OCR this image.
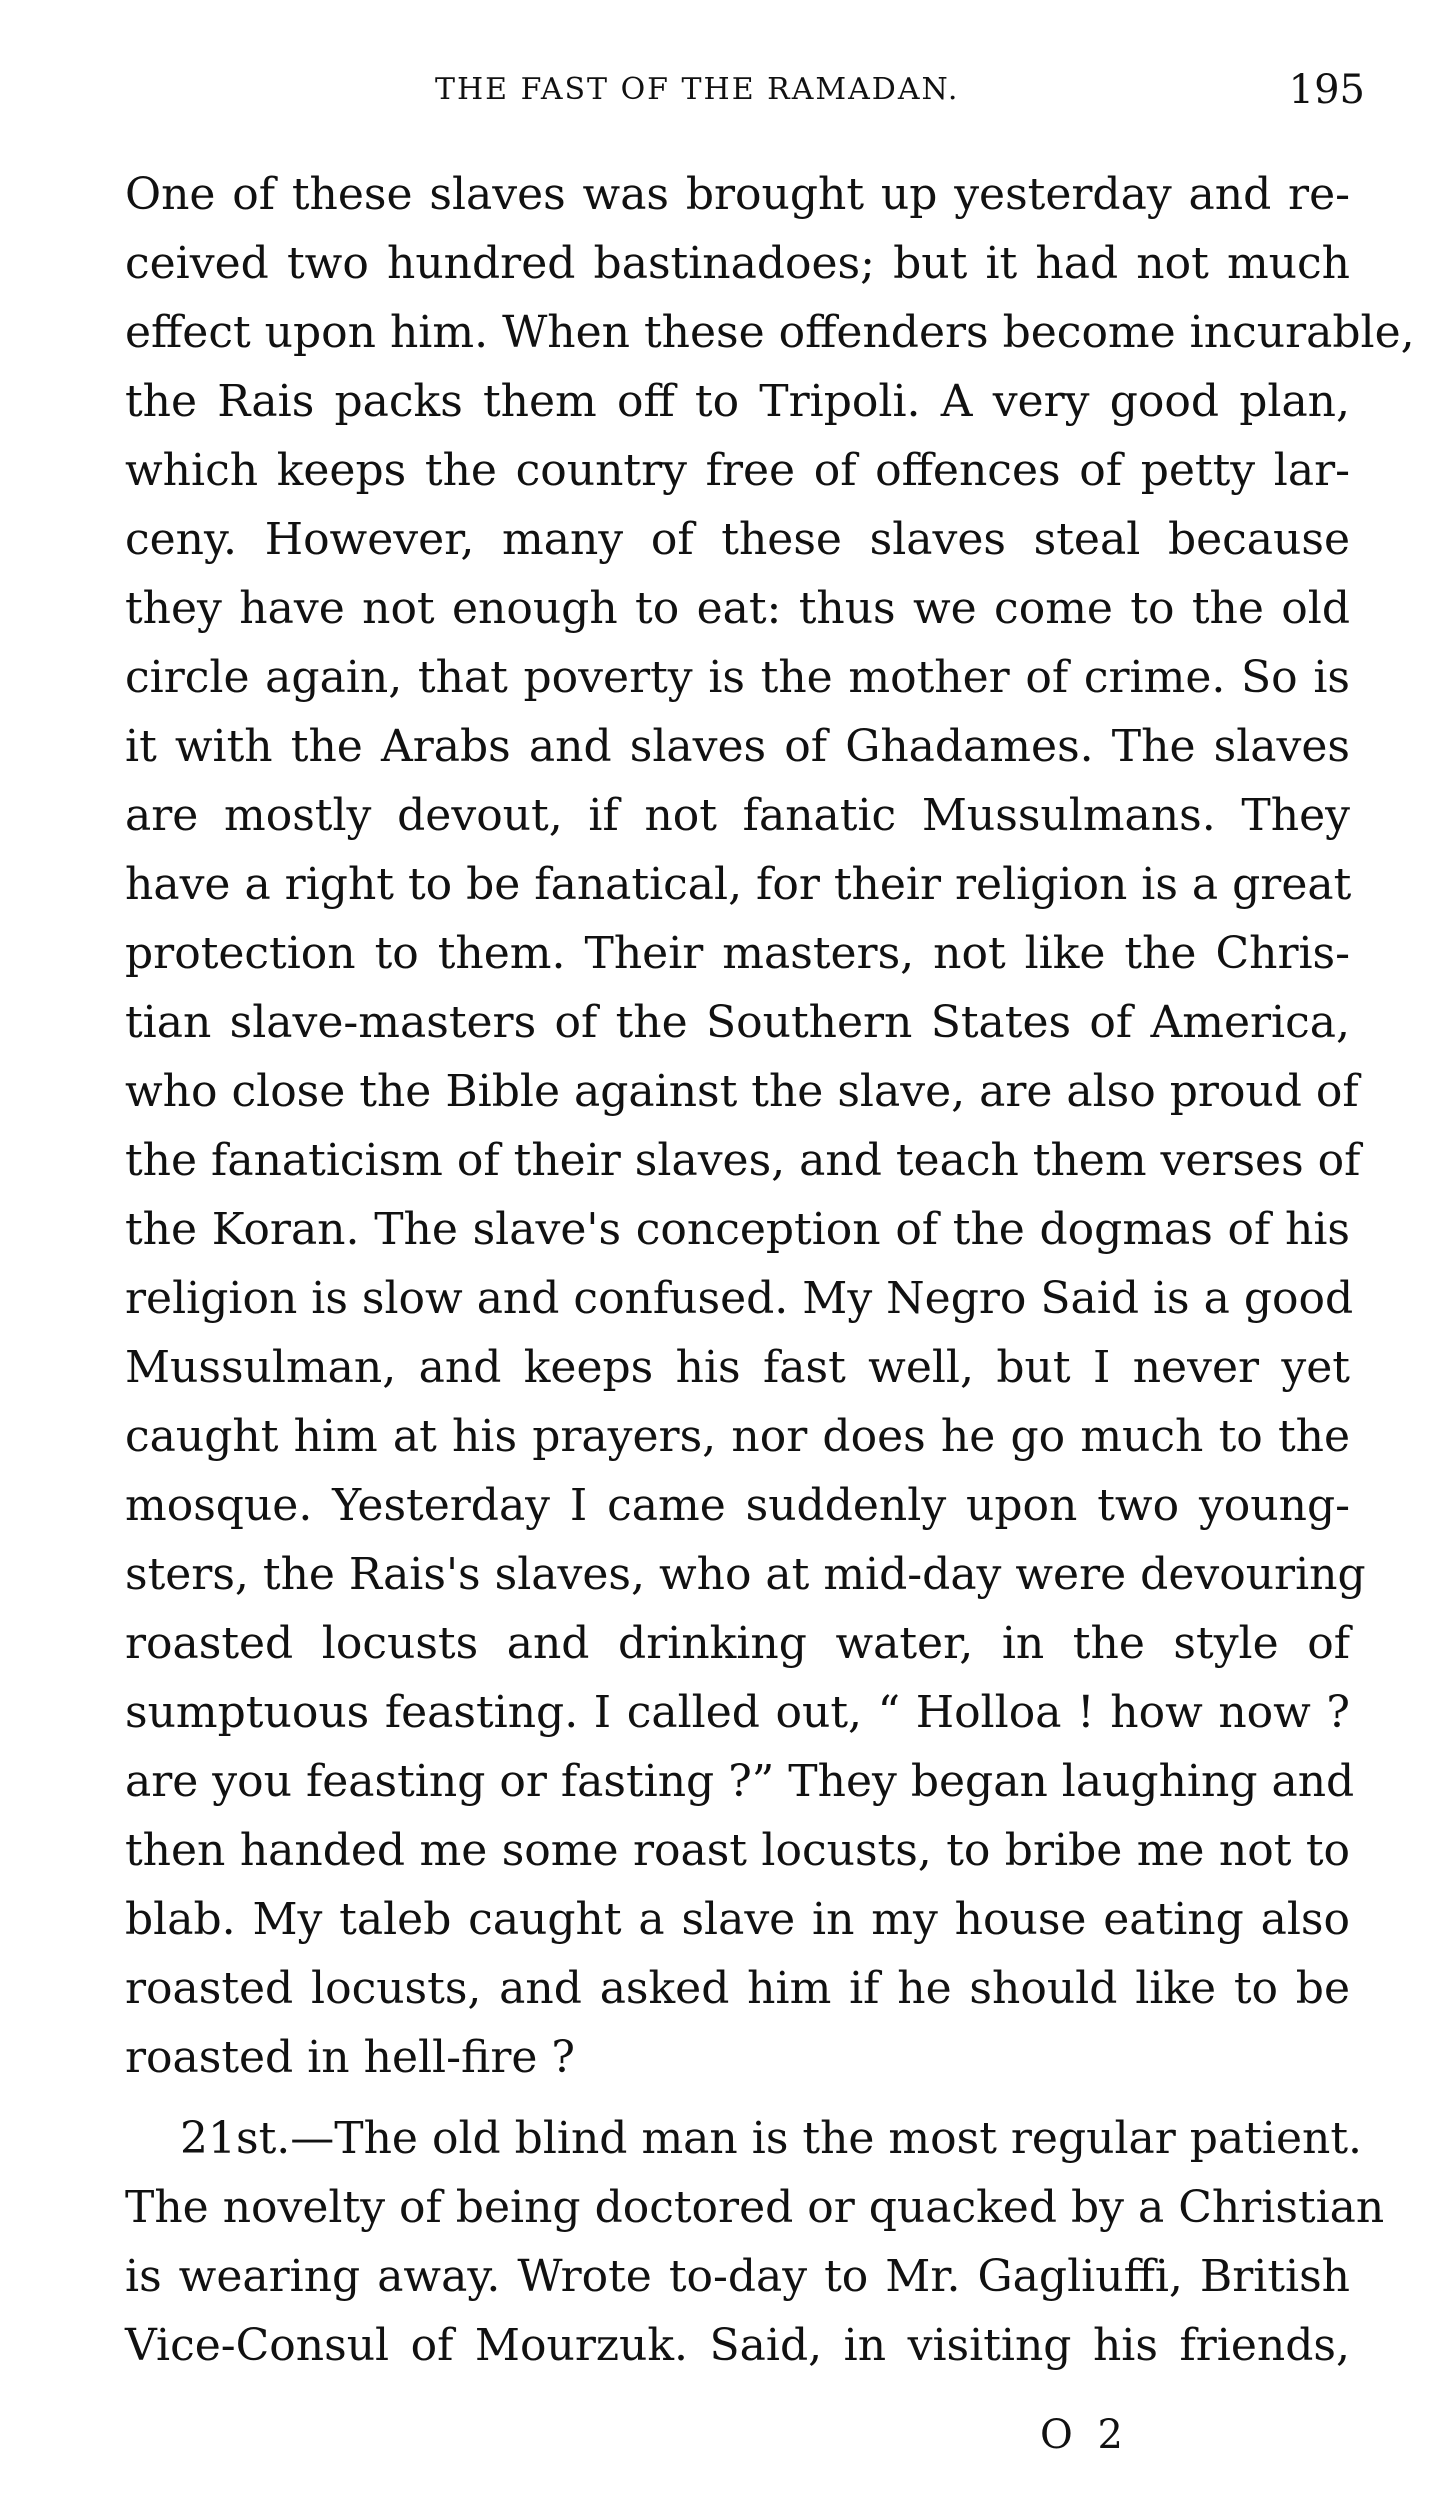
THE FAST OF THE RAMADAN.	195
One of these slaves was brought up yesterday and re-
ceived two hundred bastinadoes; but it had not much
effect upon him. When these offenders become incurable,
the Rais packs them off to Tripoli. A very good plan,
which keeps the country free of offences of petty lar-
ceny. However, many of these slaves steal because
they have not enough to eat: thus we come to the old
circle again, that poverty is the mother of crime. So is
it with the Arabs and slaves of Ghadames. The slaves
are mostly devout, if not fanatic Mussulmans. They
have a right to be fanatical, for their religion is a great
protection to them. Their masters, not like the Chris-
tian slave-masters of the Southern States of America,
who close the Bible against the slave, are also proud of
the fanaticism of their slaves, and teach them verses of
the Koran. The slave's conception of the dogmas of his
religion is slow and confused. My Negro Said is a good
Mussulman, and keeps his fast well, but I never yet
caught him at his prayers, nor does he go much to the
mosque. Yesterday I came suddenly upon two young-
sters, the Rais's slaves, who at mid-day were devouring
roasted locusts and drinking water, in the style of
sumptuous feasting. I called out, “ Holloa ! how now ?
are you feasting or fasting ?” They began laughing and
then handed me some roast locusts, to bribe me not to
blab. My taleb caught a slave in my house eating also
roasted locusts, and asked him if he should like to be
roasted in hell-fire ?
21st.—The old blind man is the most regular patient.
The novelty of being doctored or quacked by a Christian
is wearing away. Wrote to-day to Mr. Gagliuffi, British
Vice-Consul of Mourzuk. Said, in visiting his friends,
O 2
